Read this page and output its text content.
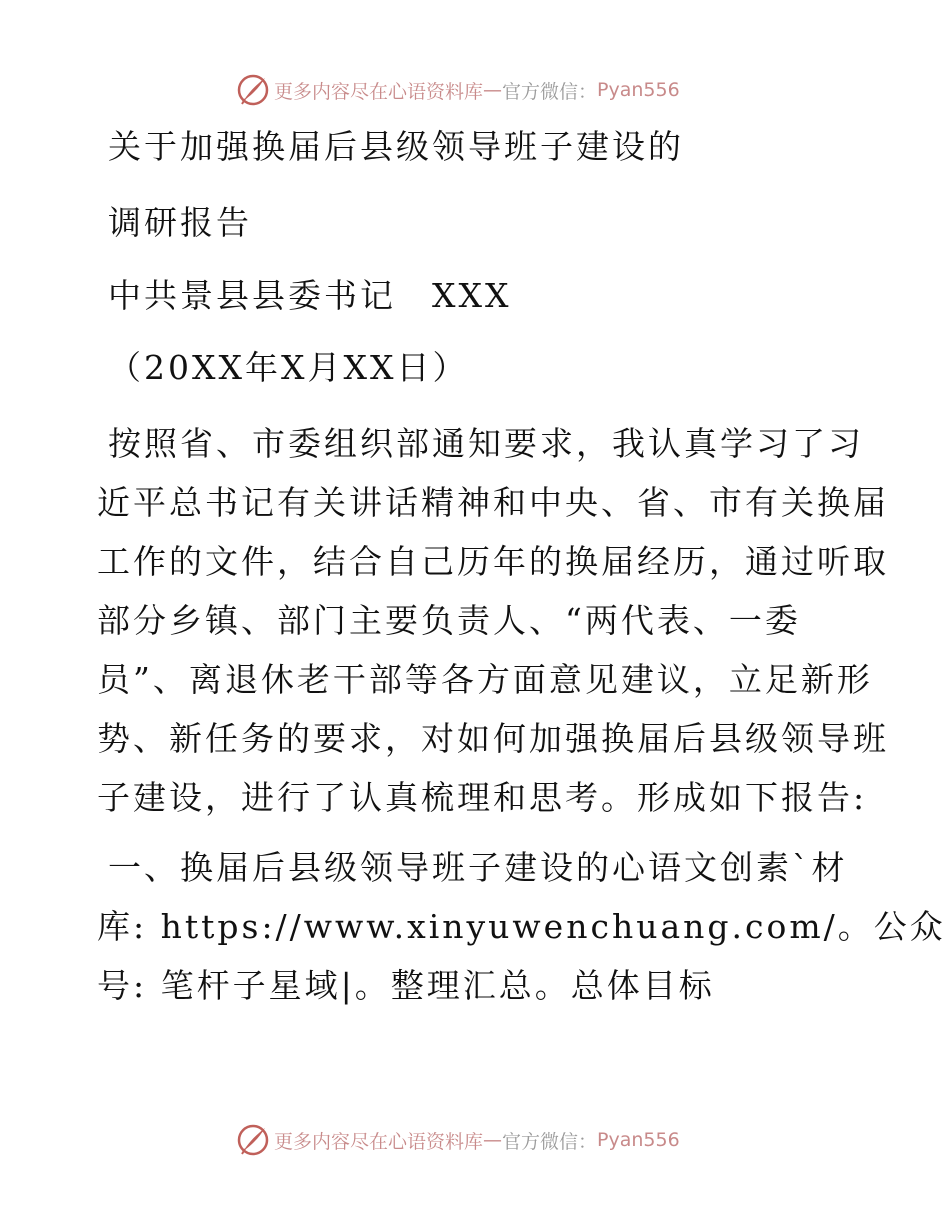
更多内容尽在心语资料库 — 官方微信： Pyan556
关于加强换届后县级领导班子建设的
调研报告
中共景县县委书记　XXX
（20XX年X月XX日）
按照省、市委组织部通知要求，我认真学习了习
近平总书记有关讲话精神和中央、省、市有关换届
工作的文件，结合自己历年的换届经历，通过听取
部分乡镇、部门主要负责人、“两代表、一委
员”、离退休老干部等各方面意见建议，立足新形
势、新任务的要求，对如何加强换届后县级领导班
子建设，进行了认真梳理和思考。形成如下报告:
一、换届后县级领导班子建设的心语文创素`材
库: https://www.xinyuwenchuang.com/。公众
号: 笔杆子星域|。整理汇总。总体目标
更多内容尽在心语资料库 — 官方微信： Pyan556
